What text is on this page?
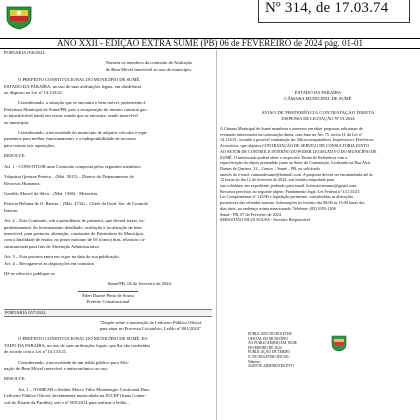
Nº 314, de 17.03.74
ANO XXII - EDIÇÃO EXTRA SUMÉ (PB) 06 de FEVEREIRO de 2024 pág. 01-01

PORTARIA 056/2024

Nomeia os membros da comissão de Avaliação

de Bem Móvel inservível ao uso do município.

O PREFEITO CONSTITUCIONAL DO MUNICÍPIO DE SUMÉ,

ESTADO DA PARAÍBA, no uso de suas atribuições legais, em obediência

ao disposto na Lei nº 14.133/21.

Considerando, a situação que se encontra o bem móvel, pertencente à

Prefeitura Municipal de Sumé/PB, pois a recuperação do mesmo causaria gas-

to injustificável tendo em vistao estado que se encontra, sendo inservível

ao município;

Considerando, a necessidade do município de adquirir veículos e equi-

pamentos para melhor funcionamento, e a indisponibilidade de recursos

para custear tais aquisições;

RESOLVE:

Art. 1 - CONSTITUIR uma Comissão composta pelos seguintes membros:

Valquiria Queiroz Pereira – (Mat. 5015) – Diretor do Departamento de

Recursos Humanos.

Genildo Maciel da Silva – (Mat. 1366) - Motorista.

Patrícia Beliana de O. Batista – (Mat. 4734) – Chefe da Unid. Set. de Controle

Interno.

Art. 2 – Esta Comissão, sob a presidência do primeiro, que deverá trazer, ex-

pedientemente, do levantamento detalhado, avaliação e localização de bem

inservível, para posterior alienação, constantes do Patrimônio do Município,

com a finalidade de emitir, no prazo máximo de 05 (cinco) dias, relatório cir-

cunstanciado para fins de Alienação Administrativa.

Art. 3 – Esta portaria entra em vigor na data de sua publicação.

Art. 4 – Revogam-se as disposições em contrário

Dê-se ciência e publique-se.

Sumé/PB, 06 de fevereiro de 2024.

Éden Duarte Pinto de Sousa

Prefeito Constitucional

PORTARIA 057/2024

"Dispõe sobre a nomeação de Leiloeiro Público Oficial,

para atuar no Processo Licitatório, Leilão nº 001/2024".

O PREFEITO CONSTITUCIONAL DO MUNICÍPIO DE SUMÉ, ES-

TADO DA PARAÍBA, no uso de suas atribuições legais, que lhe são conferidas

de acordo com a Lei nº 14.133/21.

Considerando, a necessidade de um leilão público para Alie-

nação de Bem Móvel inservível e antieconômico ao uso;

RESOLVE:

Art. 1 – NOMEAR o Senhor Marco Túlio Montenegro Cavalcanti Dias,

Leiloeiro Público Oficial, devidamente matriculado na JUCEP (Junta Comer-

cial do Estado da Paraíba), sob o nº 005/2014 para realizar o leilão...

ESTADO DA PARAÍBA

CÂMARA MUNICIPAL DE SUMÉ

AVISO DE PREFERÊNCIA CONTRATAÇÃO DIRETA

DISPENSA DE LICITAÇÃO Nº 01/2024

A Câmara Municipal de Sumé manifesta o interesse em obter propostas adicionais de

eventuais interessados na contratação direta, com base no Art. 75, inciso II, da Lei nº

14.133/21, visando a possível contratação de: Microcomputadores, Impressora e Periféricos

Acessórios, que objetiva CONTRATAÇÃO DE SERVIÇO DE CONSULTORIA JUNTO

AO SETOR DE CONTROLE INTERNO DO PODER LEGISLATIVO DO MUNICÍPIO DE

SUMÉ. O interessado poderá obter o respectivo Termo de Referência com a

especificação do objeto pretendido junto ao Setor de Contratação, localizado na Rua Alcir

Dantas de Queiroz, 32 – Centro – Sumé – PB, ou solicitado

através do e-mail: camaradesume@hotmail.com. A proposta deverá ser encaminhada até às

12 horas do dia 12 de fevereiro de 2024, sob horário estipulado para

sua coletânea, em expediente, podendo para email: licitacaocmsume@gmail.com.

Recursos previstos no seguinte objeto: Fundamento legal: Lei Federal nº 14.133/21;

Lei Complementar nº 123/06 e legislação pertinente, consideradas as alterações

posteriores das referidas normas. Informações no horário das 08:00 às 13:00 horas dos

dias úteis, no endereço acima mencionado. Telefone: (83) 3353-1206.

Sumé - PB, 07 de Fevereiro de 2024

SEBASTIÃO SILVA SOUSA - Servidor Responsável

PUBLICADO NO BOLETIM
OFICIAL DO MUNICÍPIO
AO PUBLICAR(EM) EM: 06 DE
FEVEREIRO DE 2024
PUBLICAÇÃO DE TERMO
N. DO BOLETIM OFICIAL
Número:
AGENTE ADMINISTRATIVO
